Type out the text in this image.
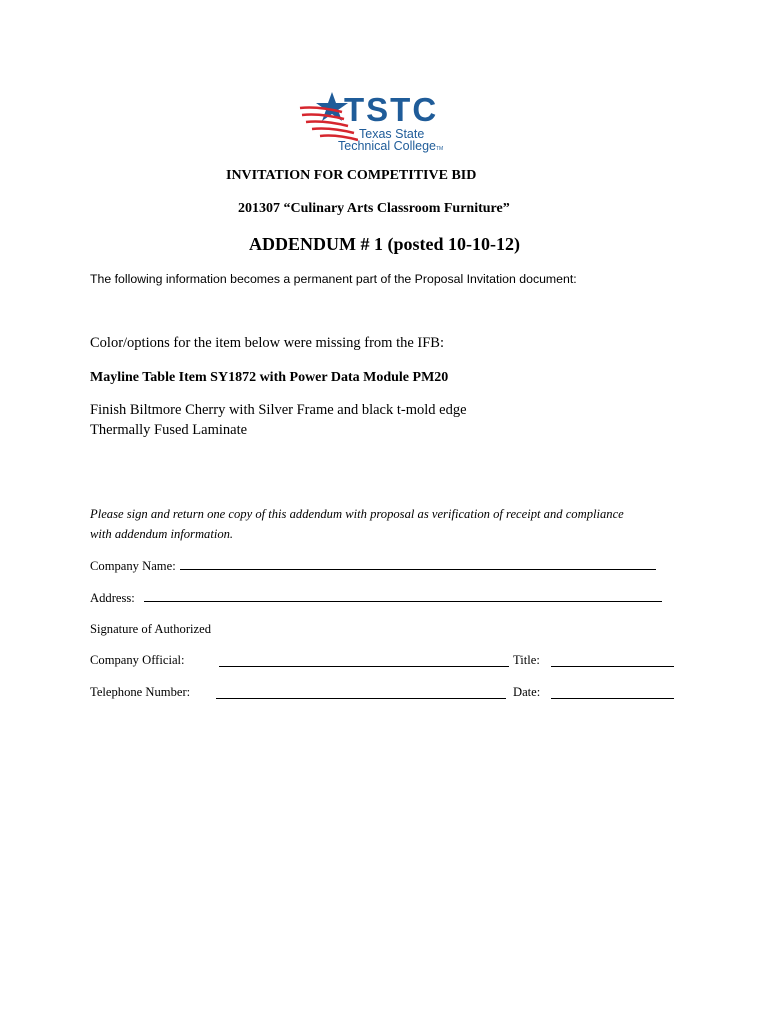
TSTC
Texas State
Technical CollegeTM
INVITATION FOR COMPETITIVE BID
201307 “Culinary Arts Classroom Furniture”
ADDENDUM # 1 (posted 10-10-12)
The following information becomes a permanent part of the Proposal Invitation document:
Color/options for the item below were missing from the IFB:
Mayline Table Item SY1872 with Power Data Module PM20
Finish Biltmore Cherry with Silver Frame and black t-mold edge
Thermally Fused Laminate
Please sign and return one copy of this addendum with proposal as verification of receipt and compliance
with addendum information.
Company Name:
Address:
Signature of Authorized
Company Official:	Title:
Telephone Number:	Date:
